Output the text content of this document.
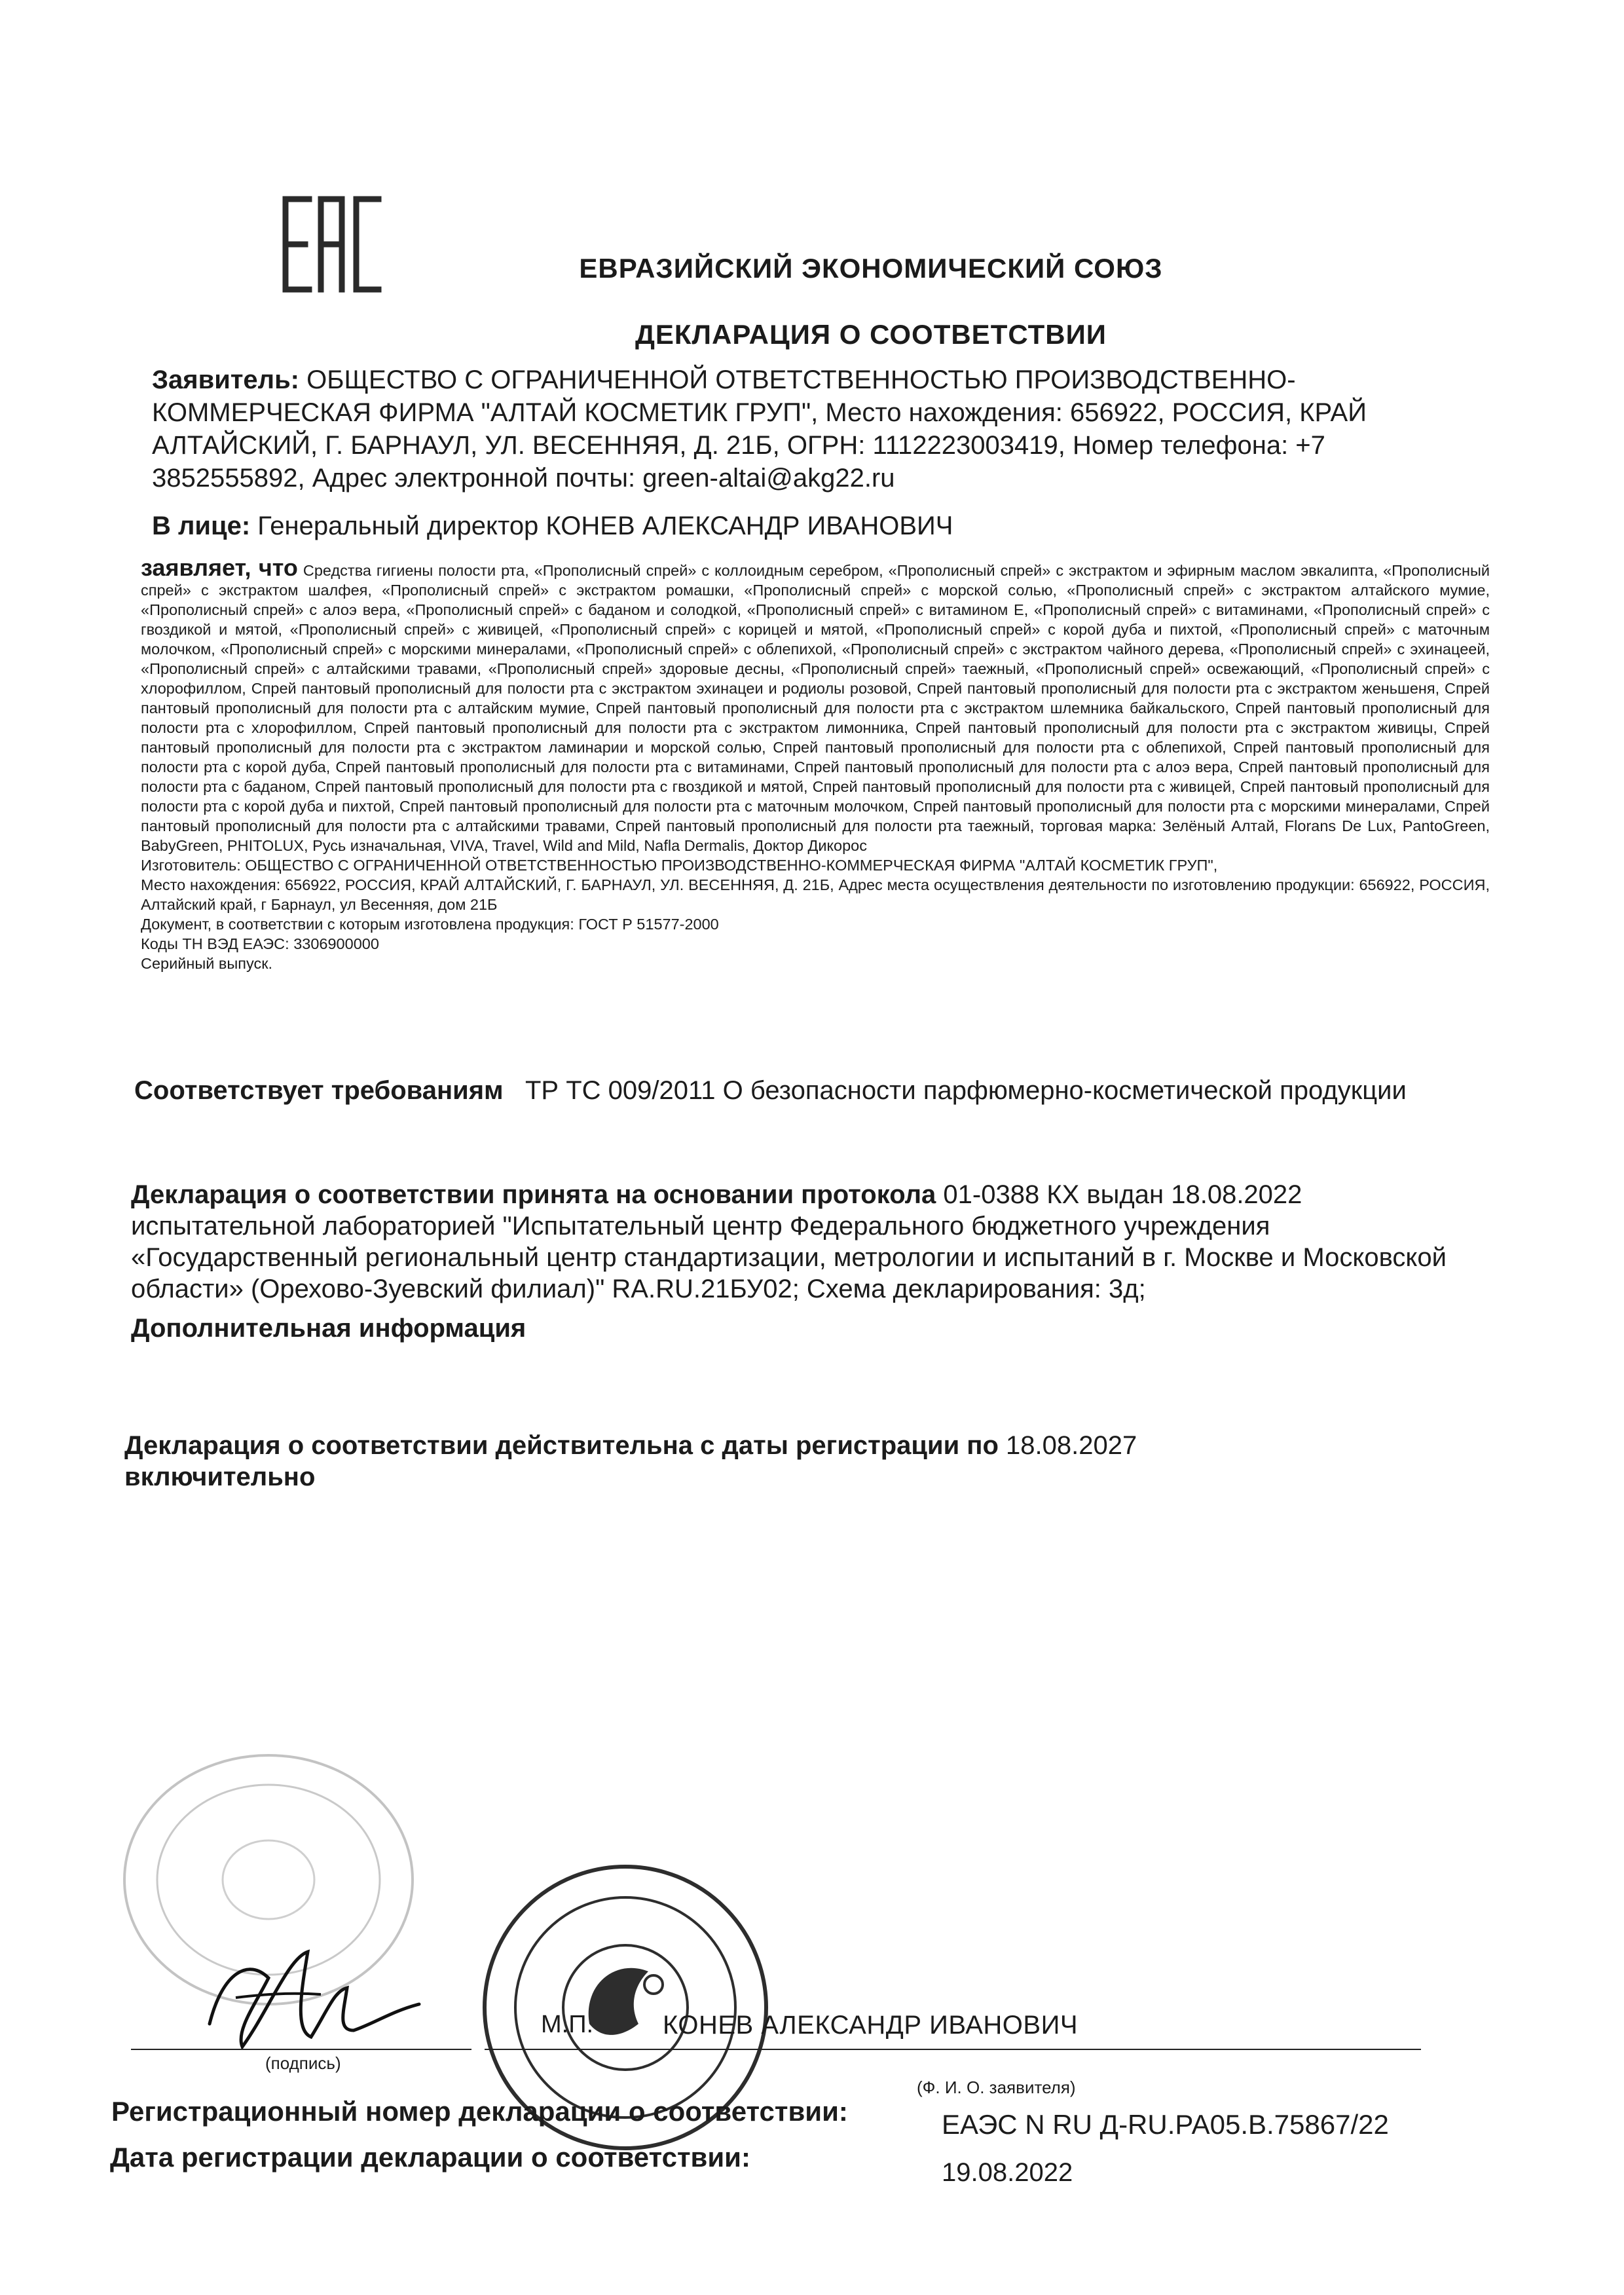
ЕВРАЗИЙСКИЙ ЭКОНОМИЧЕСКИЙ СОЮЗ
ДЕКЛАРАЦИЯ О СООТВЕТСТВИИ
Заявитель: ОБЩЕСТВО С ОГРАНИЧЕННОЙ ОТВЕТСТВЕННОСТЬЮ ПРОИЗВОДСТВЕННО-КОММЕРЧЕСКАЯ ФИРМА "АЛТАЙ КОСМЕТИК ГРУП", Место нахождения: 656922, РОССИЯ, КРАЙ АЛТАЙСКИЙ, Г. БАРНАУЛ, УЛ. ВЕСЕННЯЯ, Д. 21Б, ОГРН: 1112223003419, Номер телефона: +7 3852555892, Адрес электронной почты: green-altai@akg22.ru
В лице: Генеральный директор КОНЕВ АЛЕКСАНДР ИВАНОВИЧ
заявляет, что Средства гигиены полости рта, «Прополисный спрей» с коллоидным серебром, «Прополисный спрей» с экстрактом и эфирным маслом эвкалипта, «Прополисный спрей» с экстрактом шалфея, «Прополисный спрей» с экстрактом ромашки, «Прополисный спрей» с морской солью, «Прополисный спрей» с экстрактом алтайского мумие, «Прополисный спрей» с алоэ вера, «Прополисный спрей» с баданом и солодкой, «Прополисный спрей» с витамином Е, «Прополисный спрей» с витаминами, «Прополисный спрей» с гвоздикой и мятой, «Прополисный спрей» с живицей, «Прополисный спрей» с корицей и мятой, «Прополисный спрей» с корой дуба и пихтой, «Прополисный спрей» с маточным молочком, «Прополисный спрей» с морскими минералами, «Прополисный спрей» с облепихой, «Прополисный спрей» с экстрактом чайного дерева, «Прополисный спрей» с эхинацеей, «Прополисный спрей» с алтайскими травами, «Прополисный спрей» здоровые десны, «Прополисный спрей» таежный, «Прополисный спрей» освежающий, «Прополисный спрей» с хлорофиллом, Спрей пантовый прополисный для полости рта с экстрактом эхинацеи и родиолы розовой, Спрей пантовый прополисный для полости рта с экстрактом женьшеня, Спрей пантовый прополисный для полости рта с алтайским мумие, Спрей пантовый прополисный для полости рта с экстрактом шлемника байкальского, Спрей пантовый прополисный для полости рта с хлорофиллом, Спрей пантовый прополисный для полости рта с экстрактом лимонника, Спрей пантовый прополисный для полости рта с экстрактом живицы, Спрей пантовый прополисный для полости рта с экстрактом ламинарии и морской солью, Спрей пантовый прополисный для полости рта с облепихой, Спрей пантовый прополисный для полости рта с корой дуба, Спрей пантовый прополисный для полости рта с витаминами, Спрей пантовый прополисный для полости рта с алоэ вера, Спрей пантовый прополисный для полости рта с баданом, Спрей пантовый прополисный для полости рта с гвоздикой и мятой, Спрей пантовый прополисный для полости рта с живицей, Спрей пантовый прополисный для полости рта с корой дуба и пихтой, Спрей пантовый прополисный для полости рта с маточным молочком, Спрей пантовый прополисный для полости рта с морскими минералами, Спрей пантовый прополисный для полости рта с алтайскими травами, Спрей пантовый прополисный для полости рта таежный, торговая марка: Зелёный Алтай, Florans De Lux, PantoGreen, BabyGreen, PHITOLUX, Русь изначальная, VIVA, Travel, Wild and Mild, Nafla Dermalis, Доктор Дикорос
Изготовитель: ОБЩЕСТВО С ОГРАНИЧЕННОЙ ОТВЕТСТВЕННОСТЬЮ ПРОИЗВОДСТВЕННО-КОММЕРЧЕСКАЯ ФИРМА "АЛТАЙ КОСМЕТИК ГРУП",
Место нахождения: 656922, РОССИЯ, КРАЙ АЛТАЙСКИЙ, Г. БАРНАУЛ, УЛ. ВЕСЕННЯЯ, Д. 21Б, Адрес места осуществления деятельности по изготовлению продукции: 656922, РОССИЯ, Алтайский край, г Барнаул, ул Весенняя, дом 21Б
Документ, в соответствии с которым изготовлена продукция: ГОСТ Р 51577-2000
Коды ТН ВЭД ЕАЭС: 3306900000
Серийный выпуск.
Соответствует требованиям ТР ТС 009/2011 О безопасности парфюмерно-косметической продукции
Декларация о соответствии принята на основании протокола 01-0388 КХ выдан 18.08.2022 испытательной лабораторией "Испытательный центр Федерального бюджетного учреждения «Государственный региональный центр стандартизации, метрологии и испытаний в г. Москве и Московской области» (Орехово-Зуевский филиал)" RA.RU.21БУ02; Схема декларирования: 3д;
Дополнительная информация
Декларация о соответствии действительна с даты регистрации по 18.08.2027
включительно
(подпись)
М.П.	КОНЕВ АЛЕКСАНДР ИВАНОВИЧ
(Ф. И. О. заявителя)
Регистрационный номер декларации о соответствии:	ЕАЭС N RU Д-RU.РА05.В.75867/22
Дата регистрации декларации о соответствии:	19.08.2022
